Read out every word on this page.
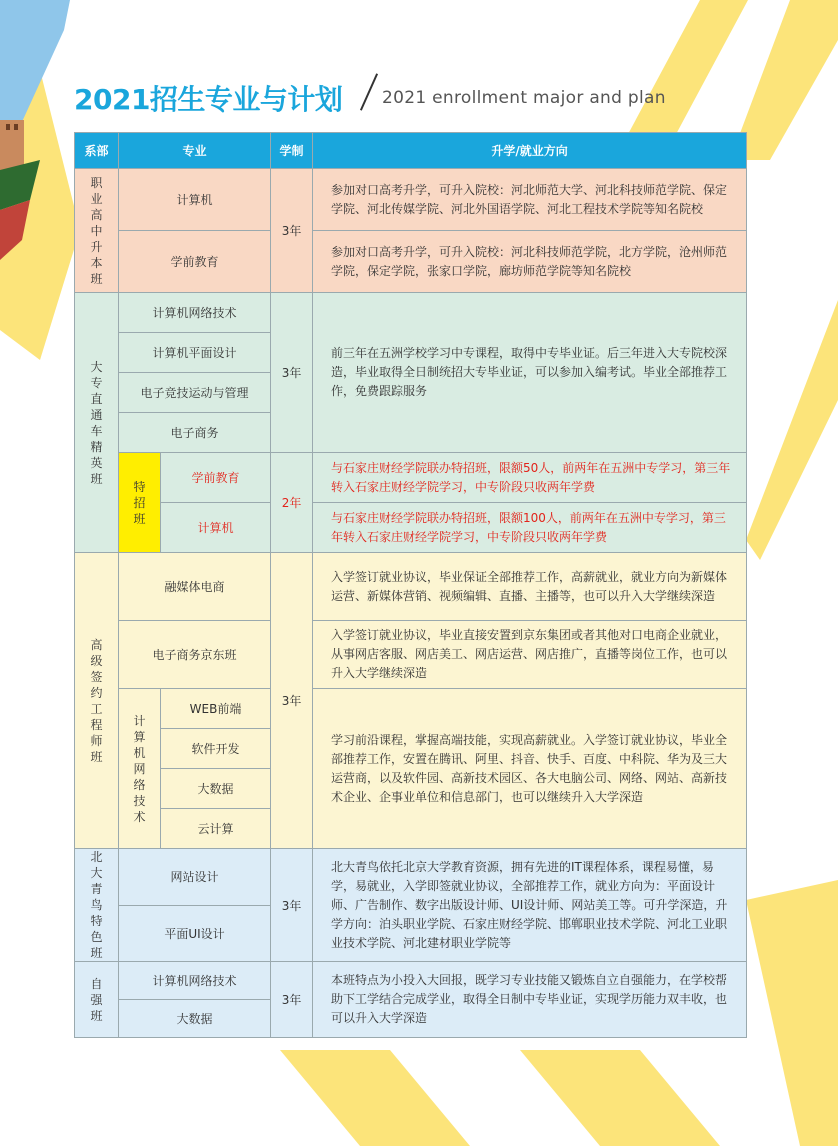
2021招生专业与计划 2021 enrollment major and plan
系部	专业		学制	升学/就业方向
职业高中升本班	计算机		3年	参加对口高考升学，可升入院校：河北师范大学、河北科技师范学院、保定学院、河北传媒学院、河北外国语学院、河北工程技术学院等知名院校
	学前教育			参加对口高考升学，可升入院校：河北科技师范学院，北方学院，沧州师范学院，保定学院，张家口学院，廊坊师范学院等知名院校
大专直通车精英班	计算机网络技术		3年	前三年在五洲学校学习中专课程，取得中专毕业证。后三年进入大专院校深造，毕业取得全日制统招大专毕业证，可以参加入编考试。毕业全部推荐工作，免费跟踪服务
	计算机平面设计			
	电子竞技运动与管理			
	电子商务			
	特招班	学前教育	2年	与石家庄财经学院联办特招班，限额50人，前两年在五洲中专学习，第三年转入石家庄财经学院学习，中专阶段只收两年学费
		计算机		与石家庄财经学院联办特招班，限额100人，前两年在五洲中专学习，第三年转入石家庄财经学院学习，中专阶段只收两年学费
高级签约工程师班	融媒体电商		3年	入学签订就业协议，毕业保证全部推荐工作，高薪就业，就业方向为新媒体运营、新媒体营销、视频编辑、直播、主播等，也可以升入大学继续深造
	电子商务京东班			入学签订就业协议，毕业直接安置到京东集团或者其他对口电商企业就业，从事网店客服、网店美工、网店运营、网店推广，直播等岗位工作，也可以升入大学继续深造
	计算机网络技术	WEB前端		学习前沿课程，掌握高端技能，实现高薪就业。入学签订就业协议，毕业全部推荐工作，安置在腾讯、阿里、抖音、快手、百度、中科院、华为及三大运营商，以及软件园、高新技术园区、各大电脑公司、网络、网站、高新技术企业、企事业单位和信息部门，也可以继续升入大学深造
		软件开发		
		大数据		
		云计算		
北大青鸟特色班	网站设计		3年	北大青鸟依托北京大学教育资源，拥有先进的IT课程体系，课程易懂，易学，易就业，入学即签就业协议，全部推荐工作，就业方向为：平面设计师、广告制作、数字出版设计师、UI设计师、网站美工等。可升学深造，升学方向：泊头职业学院、石家庄财经学院、邯郸职业技术学院、河北工业职业技术学院、河北建材职业学院等
	平面UI设计			
自强班	计算机网络技术		3年	本班特点为小投入大回报，既学习专业技能又锻炼自立自强能力，在学校帮助下工学结合完成学业，取得全日制中专毕业证，实现学历能力双丰收，也可以升入大学深造
	大数据			
